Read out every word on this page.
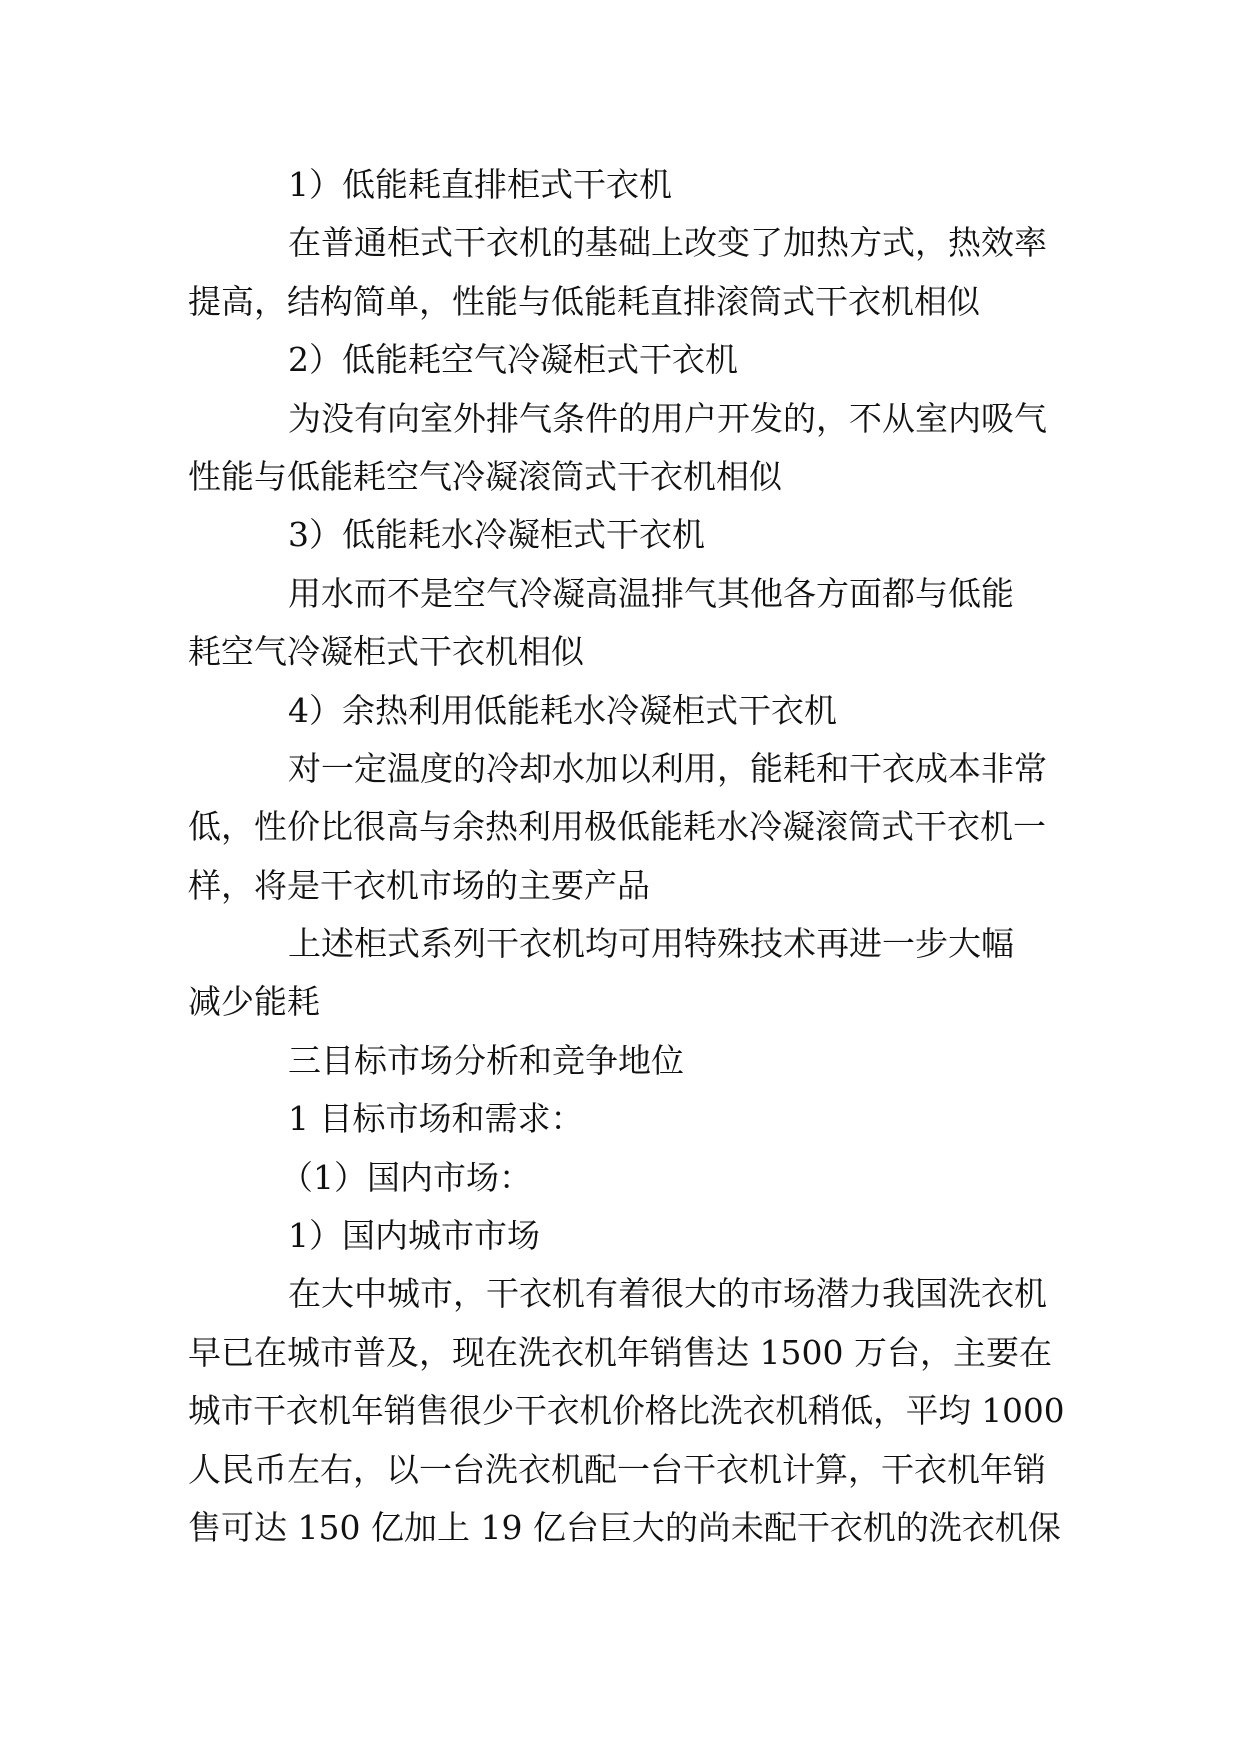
1）低能耗直排柜式干衣机
在普通柜式干衣机的基础上改变了加热方式，热效率
提高，结构简单，性能与低能耗直排滚筒式干衣机相似
2）低能耗空气冷凝柜式干衣机
为没有向室外排气条件的用户开发的，不从室内吸气
性能与低能耗空气冷凝滚筒式干衣机相似
3）低能耗水冷凝柜式干衣机
用水而不是空气冷凝高温排气其他各方面都与低能
耗空气冷凝柜式干衣机相似
4）余热利用低能耗水冷凝柜式干衣机
对一定温度的冷却水加以利用，能耗和干衣成本非常
低，性价比很高与余热利用极低能耗水冷凝滚筒式干衣机一
样，将是干衣机市场的主要产品
上述柜式系列干衣机均可用特殊技术再进一步大幅
减少能耗
三目标市场分析和竞争地位
1 目标市场和需求：
（1）国内市场：
1）国内城市市场
在大中城市，干衣机有着很大的市场潜力我国洗衣机
早已在城市普及，现在洗衣机年销售达 1500 万台，主要在
城市干衣机年销售很少干衣机价格比洗衣机稍低，平均 1000
人民币左右，以一台洗衣机配一台干衣机计算，干衣机年销
售可达 150 亿加上 19 亿台巨大的尚未配干衣机的洗衣机保
